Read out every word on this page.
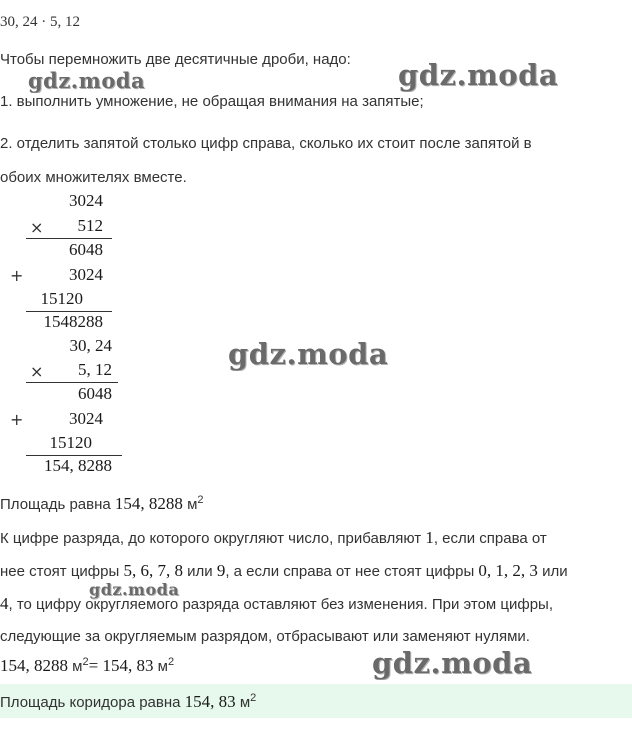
30, 24 · 5, 12
Чтобы перемножить две десятичные дроби, надо:
1. выполнить умножение, не обращая внимания на запятые;
2. отделить запятой столько цифр справа, сколько их стоит после запятой в
обоих множителях вместе.
3024
×	512
6048
+	3024
15120
1548288
30, 24
×	5, 12
6048
+	3024
15120
154, 8288
Площадь равна 154, 8288 $м^2$
К цифре разряда, до которого округляют число, прибавляют 1, если справа от
нее стоят цифры 5, 6, 7, 8 или 9, а если справа от нее стоят цифры 0, 1, 2, 3 или
4, то цифру округляемого разряда оставляют без изменения. При этом цифры,
следующие за округляемым разрядом, отбрасывают или заменяют нулями.
154, 8288 $м^2= 154$, 83 $м^2$
Площадь коридора равна 154, 83 $м^2$
gdz.moda	gdz.moda
gdz.moda
gdz.moda
gdz.moda
